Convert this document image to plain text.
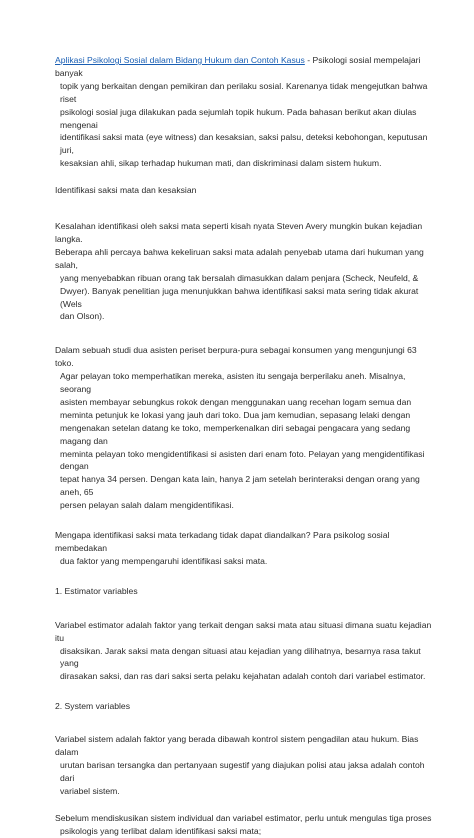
Aplikasi Psikologi Sosial dalam Bidang Hukum dan Contoh Kasus - Psikologi sosial mempelajari banyak

topik yang berkaitan dengan pemikiran dan perilaku sosial. Karenanya tidak mengejutkan bahwa riset

psikologi sosial juga dilakukan pada sejumlah topik hukum. Pada bahasan berikut akan diulas mengenai

identifikasi saksi mata (eye witness) dan kesaksian, saksi palsu, deteksi kebohongan, keputusan juri,

kesaksian ahli, sikap terhadap hukuman mati, dan diskriminasi dalam sistem hukum.

Identifikasi saksi mata dan kesaksian

Kesalahan identifikasi oleh saksi mata seperti kisah nyata Steven Avery mungkin bukan kejadian langka.

Beberapa ahli percaya bahwa kekeliruan saksi mata adalah penyebab utama dari hukuman yang salah,

yang menyebabkan ribuan orang tak bersalah dimasukkan dalam penjara (Scheck, Neufeld, &

Dwyer). Banyak penelitian juga menunjukkan bahwa identifikasi saksi mata sering tidak akurat (Wels

dan Olson).

Dalam sebuah studi dua asisten periset berpura-pura sebagai konsumen yang mengunjungi 63 toko.

Agar pelayan toko memperhatikan mereka, asisten itu sengaja berperilaku aneh. Misalnya, seorang

asisten membayar sebungkus rokok dengan menggunakan uang recehan logam semua dan

meminta petunjuk ke lokasi yang jauh dari toko. Dua jam kemudian, sepasang lelaki dengan

mengenakan setelan datang ke toko, memperkenalkan diri sebagai pengacara yang sedang magang dan

meminta pelayan toko mengidentifikasi si asisten dari enam foto. Pelayan yang mengidentifikasi dengan

tepat hanya 34 persen. Dengan kata lain, hanya 2 jam setelah berinteraksi dengan orang yang aneh, 65

persen pelayan salah dalam mengidentifikasi.

Mengapa identifikasi saksi mata terkadang tidak dapat diandalkan? Para psikolog sosial membedakan

dua faktor yang mempengaruhi identifikasi saksi mata.

1. Estimator variables

Variabel estimator adalah faktor yang terkait dengan saksi mata atau situasi dimana suatu kejadian itu

disaksikan. Jarak saksi mata dengan situasi atau kejadian yang dilihatnya, besarnya rasa takut yang

dirasakan saksi, dan ras dari saksi serta pelaku kejahatan adalah contoh dari variabel estimator.

2. System variables

Variabel sistem adalah faktor yang berada dibawah kontrol sistem pengadilan atau hukum. Bias dalam

urutan barisan tersangka dan pertanyaan sugestif yang diajukan polisi atau jaksa adalah contoh dari

variabel sistem.

Sebelum mendiskusikan sistem individual dan variabel estimator, perlu untuk mengulas tiga proses

psikologis yang terlibat dalam identifikasi saksi mata;
